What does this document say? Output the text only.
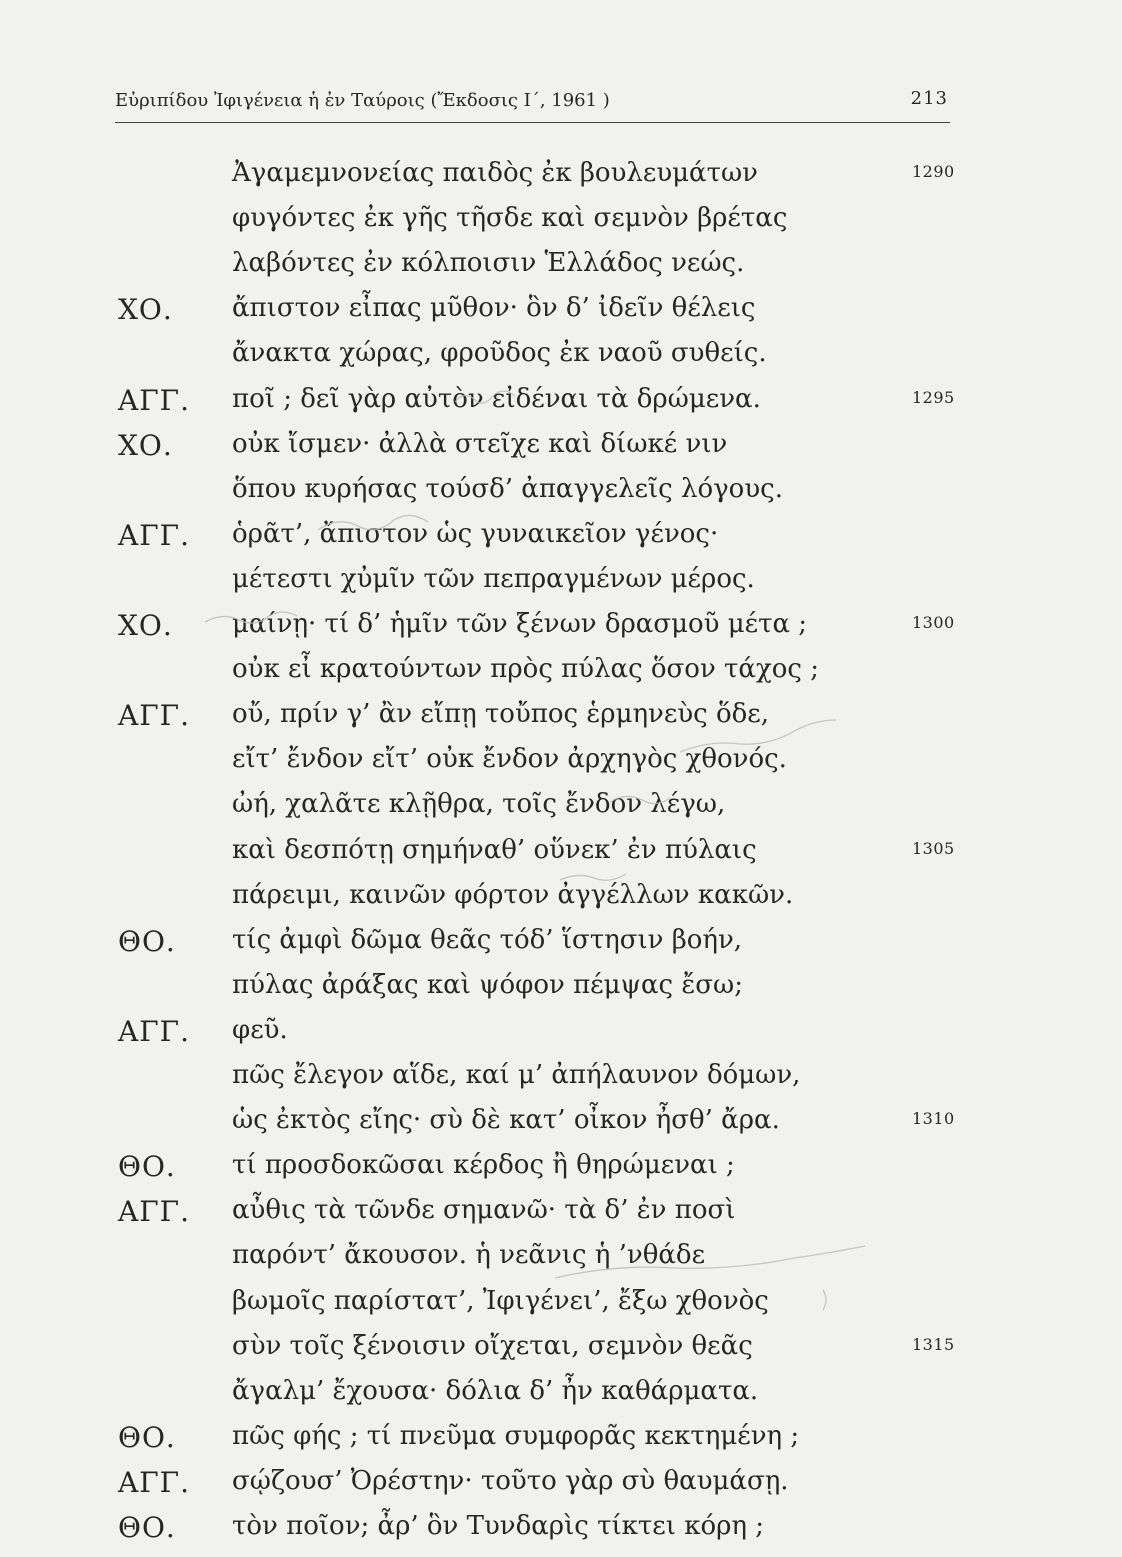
Εὐριπίδου Ἰφιγένεια ἡ ἐν Ταύροις (Ἔκδοσις Ι΄, 1961 )	213
Ἀγαμεμνονείας παιδὸς ἐκ βουλευμάτων	1290
φυγόντες ἐκ γῆς τῆσδε καὶ σεμνὸν βρέτας
λαβόντες ἐν κόλποισιν Ἑλλάδος νεώς.
ΧΟ. ἄπιστον εἶπας μῦθον· ὃν δ’ ἰδεῖν θέλεις
ἄνακτα χώρας, φροῦδος ἐκ ναοῦ συθείς.
ΑΓΓ. ποῖ ; δεῖ γὰρ αὐτὸν εἰδέναι τὰ δρώμενα.	1295
ΧΟ. οὐκ ἴσμεν· ἀλλὰ στεῖχε καὶ δίωκέ νιν
ὅπου κυρήσας τούσδ’ ἀπαγγελεῖς λόγους.
ΑΓΓ. ὁρᾶτ’, ἄπιστον ὡς γυναικεῖον γένος·
μέτεστι χὐμῖν τῶν πεπραγμένων μέρος.
ΧΟ. μαίνῃ· τί δ’ ἡμῖν τῶν ξένων δρασμοῦ μέτα ;	1300
οὐκ εἶ κρατούντων πρὸς πύλας ὅσον τάχος ;
ΑΓΓ. οὔ, πρίν γ’ ἂν εἴπῃ τοὔπος ἑρμηνεὺς ὅδε,
εἴτ’ ἔνδον εἴτ’ οὐκ ἔνδον ἀρχηγὸς χθονός.
ὠή, χαλᾶτε κλῇθρα, τοῖς ἔνδον λέγω,
καὶ δεσπότῃ σημήναθ’ οὕνεκ’ ἐν πύλαις	1305
πάρειμι, καινῶν φόρτον ἀγγέλλων κακῶν.
ΘΟ. τίς ἀμφὶ δῶμα θεᾶς τόδ’ ἵστησιν βοήν,
πύλας ἀράξας καὶ ψόφον πέμψας ἔσω;
ΑΓΓ. φεῦ.
πῶς ἔλεγον αἵδε, καί μ’ ἀπήλαυνον δόμων,
ὡς ἐκτὸς εἴης· σὺ δὲ κατ’ οἶκον ἦσθ’ ἄρα.	1310
ΘΟ. τί προσδοκῶσαι κέρδος ἢ θηρώμεναι ;
ΑΓΓ. αὖθις τὰ τῶνδε σημανῶ· τὰ δ’ ἐν ποσὶ
παρόντ’ ἄκουσον. ἡ νεᾶνις ἡ ’νθάδε
βωμοῖς παρίστατ’, Ἰφιγένει’, ἔξω χθονὸς
σὺν τοῖς ξένοισιν οἴχεται, σεμνὸν θεᾶς	1315
ἄγαλμ’ ἔχουσα· δόλια δ’ ἦν καθάρματα.
ΘΟ. πῶς φής ; τί πνεῦμα συμφορᾶς κεκτημένη ;
ΑΓΓ. σῴζουσ’ Ὀρέστην· τοῦτο γὰρ σὺ θαυμάσῃ.
ΘΟ. τὸν ποῖον; ἆρ’ ὃν Τυνδαρὶς τίκτει κόρη ;
